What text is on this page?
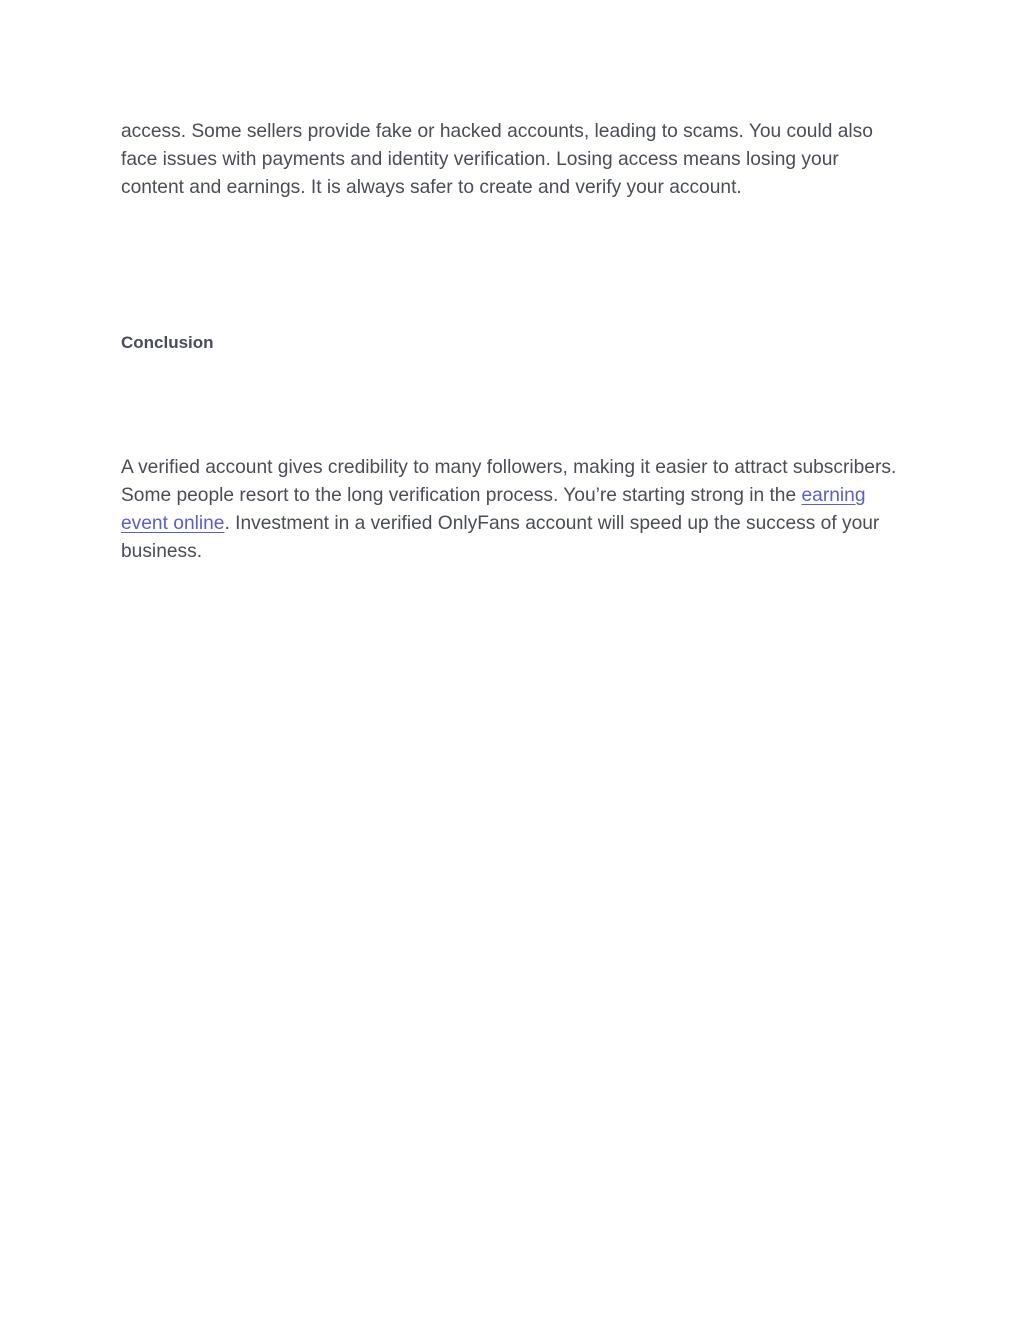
access. Some sellers provide fake or hacked accounts, leading to scams. You could also face issues with payments and identity verification. Losing access means losing your content and earnings. It is always safer to create and verify your account.

Conclusion

A verified account gives credibility to many followers, making it easier to attract subscribers. Some people resort to the long verification process. You’re starting strong in the earning event online. Investment in a verified OnlyFans account will speed up the success of your business.
